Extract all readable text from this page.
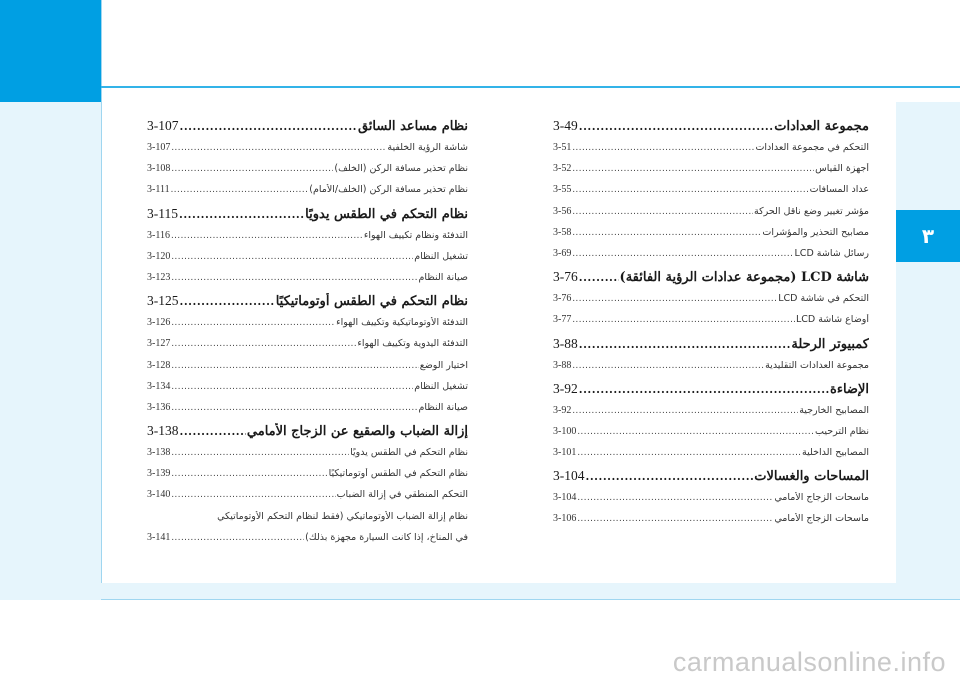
٣
carmanualsonline.info
3-49 .....	مجموعة العدادات
3-51 .....	التحكم في مجموعة العدادات
3-52 .....	أجهزة القياس
3-55 .....	عداد المسافات
3-56 .....	مؤشر تغيير وضع ناقل الحركة
3-58 .....	مصابيح التحذير والمؤشرات
3-69 .....	رسائل شاشة LCD
3-76 .....	شاشة LCD (مجموعة عدادات الرؤية الفائقة)
3-76 .....	التحكم في شاشة LCD
3-77 .....	أوضاع شاشة LCD
3-88 .....	كمبيوتر الرحلة
3-88 .....	مجموعة العدادات التقليدية
3-92 .....	الإضاءة
3-92 .....	المصابيح الخارجية
3-100 .....	نظام الترحيب
3-101 .....	المصابيح الداخلية
3-104 .....	المساحات والغسالات
3-104 .....	ماسحات الزجاج الأمامي
3-106 .....	ماسحات الزجاج الأمامي
3-107 .....	نظام مساعد السائق
3-107 .....	شاشة الرؤية الخلفية
3-108 .....	نظام تحذير مسافة الركن (الخلف)
3-111 .....	نظام تحذير مسافة الركن (الخلف/الأمام)
3-115 .....	نظام التحكم في الطقس يدويًا
3-116 .....	التدفئة ونظام تكييف الهواء
3-120 .....	تشغيل النظام
3-123 .....	صيانة النظام
3-125 .....	نظام التحكم في الطقس أوتوماتيكيًا
3-126 .....	التدفئة الأوتوماتيكية وتكييف الهواء
3-127 .....	التدفئة اليدوية وتكييف الهواء
3-128 .....	اختيار الوضع
3-134 .....	تشغيل النظام
3-136 .....	صيانة النظام
3-138 .....	إزالة الضباب والصقيع عن الزجاج الأمامي
3-138 .....	نظام التحكم في الطقس يدويًا
3-139 .....	نظام التحكم في الطقس أوتوماتيكيًا
3-140 .....	التحكم المنطقي في إزالة الضباب
نظام إزالة الضباب الأوتوماتيكي (فقط لنظام التحكم الأوتوماتيكي
3-141 .....	في المناخ، إذا كانت السيارة مجهزة بذلك)
